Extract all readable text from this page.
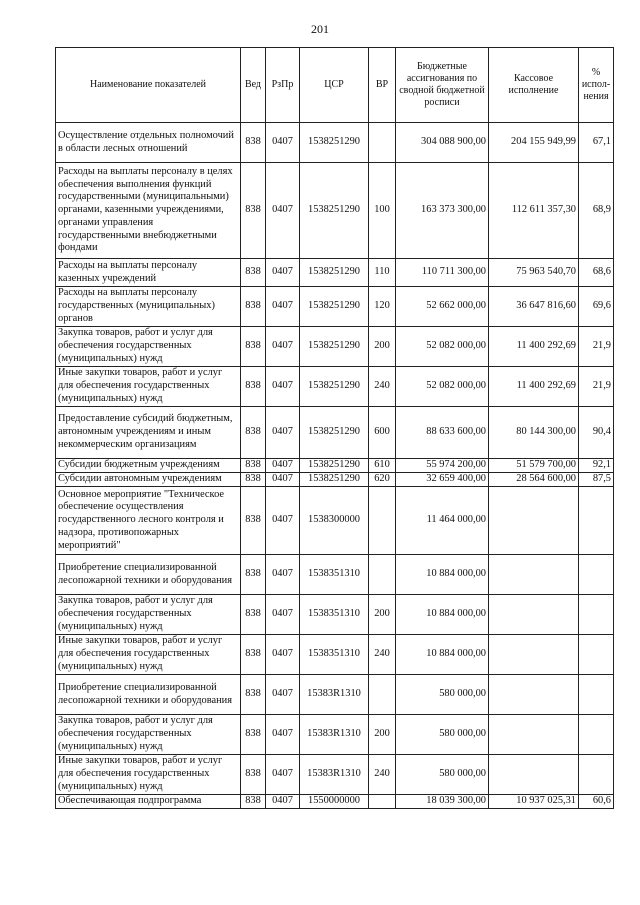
201
Наименование показателей	Вед	РзПр	ЦСР	ВР	Бюджетные ассигнования по сводной бюджетной росписи	Кассовое исполнение	% испол-нения
Осуществление отдельных полномочий в области лесных отношений	838	0407	1538251290		304 088 900,00	204 155 949,99	67,1
Расходы на выплаты персоналу в целях обеспечения выполнения функций государственными (муниципальными) органами, казенными учреждениями, органами управления государственными внебюджетными фондами	838	0407	1538251290	100	163 373 300,00	112 611 357,30	68,9
Расходы на выплаты персоналу казенных учреждений	838	0407	1538251290	110	110 711 300,00	75 963 540,70	68,6
Расходы на выплаты персоналу государственных (муниципальных) органов	838	0407	1538251290	120	52 662 000,00	36 647 816,60	69,6
Закупка товаров, работ и услуг для обеспечения государственных (муниципальных) нужд	838	0407	1538251290	200	52 082 000,00	11 400 292,69	21,9
Иные закупки товаров, работ и услуг для обеспечения государственных (муниципальных) нужд	838	0407	1538251290	240	52 082 000,00	11 400 292,69	21,9
Предоставление субсидий бюджетным, автономным учреждениям и иным некоммерческим организациям	838	0407	1538251290	600	88 633 600,00	80 144 300,00	90,4
Субсидии бюджетным учреждениям	838	0407	1538251290	610	55 974 200,00	51 579 700,00	92,1
Субсидии автономным учреждениям	838	0407	1538251290	620	32 659 400,00	28 564 600,00	87,5
Основное мероприятие "Техническое обеспечение осуществления государственного лесного контроля и надзора, противопожарных мероприятий"	838	0407	1538300000		11 464 000,00		
Приобретение специализированной лесопожарной техники и оборудования	838	0407	1538351310		10 884 000,00		
Закупка товаров, работ и услуг для обеспечения государственных (муниципальных) нужд	838	0407	1538351310	200	10 884 000,00		
Иные закупки товаров, работ и услуг для обеспечения государственных (муниципальных) нужд	838	0407	1538351310	240	10 884 000,00		
Приобретение специализированной лесопожарной техники и оборудования	838	0407	15383R1310		580 000,00		
Закупка товаров, работ и услуг для обеспечения государственных (муниципальных) нужд	838	0407	15383R1310	200	580 000,00		
Иные закупки товаров, работ и услуг для обеспечения государственных (муниципальных) нужд	838	0407	15383R1310	240	580 000,00		
Обеспечивающая подпрограмма	838	0407	1550000000		18 039 300,00	10 937 025,31	60,6
